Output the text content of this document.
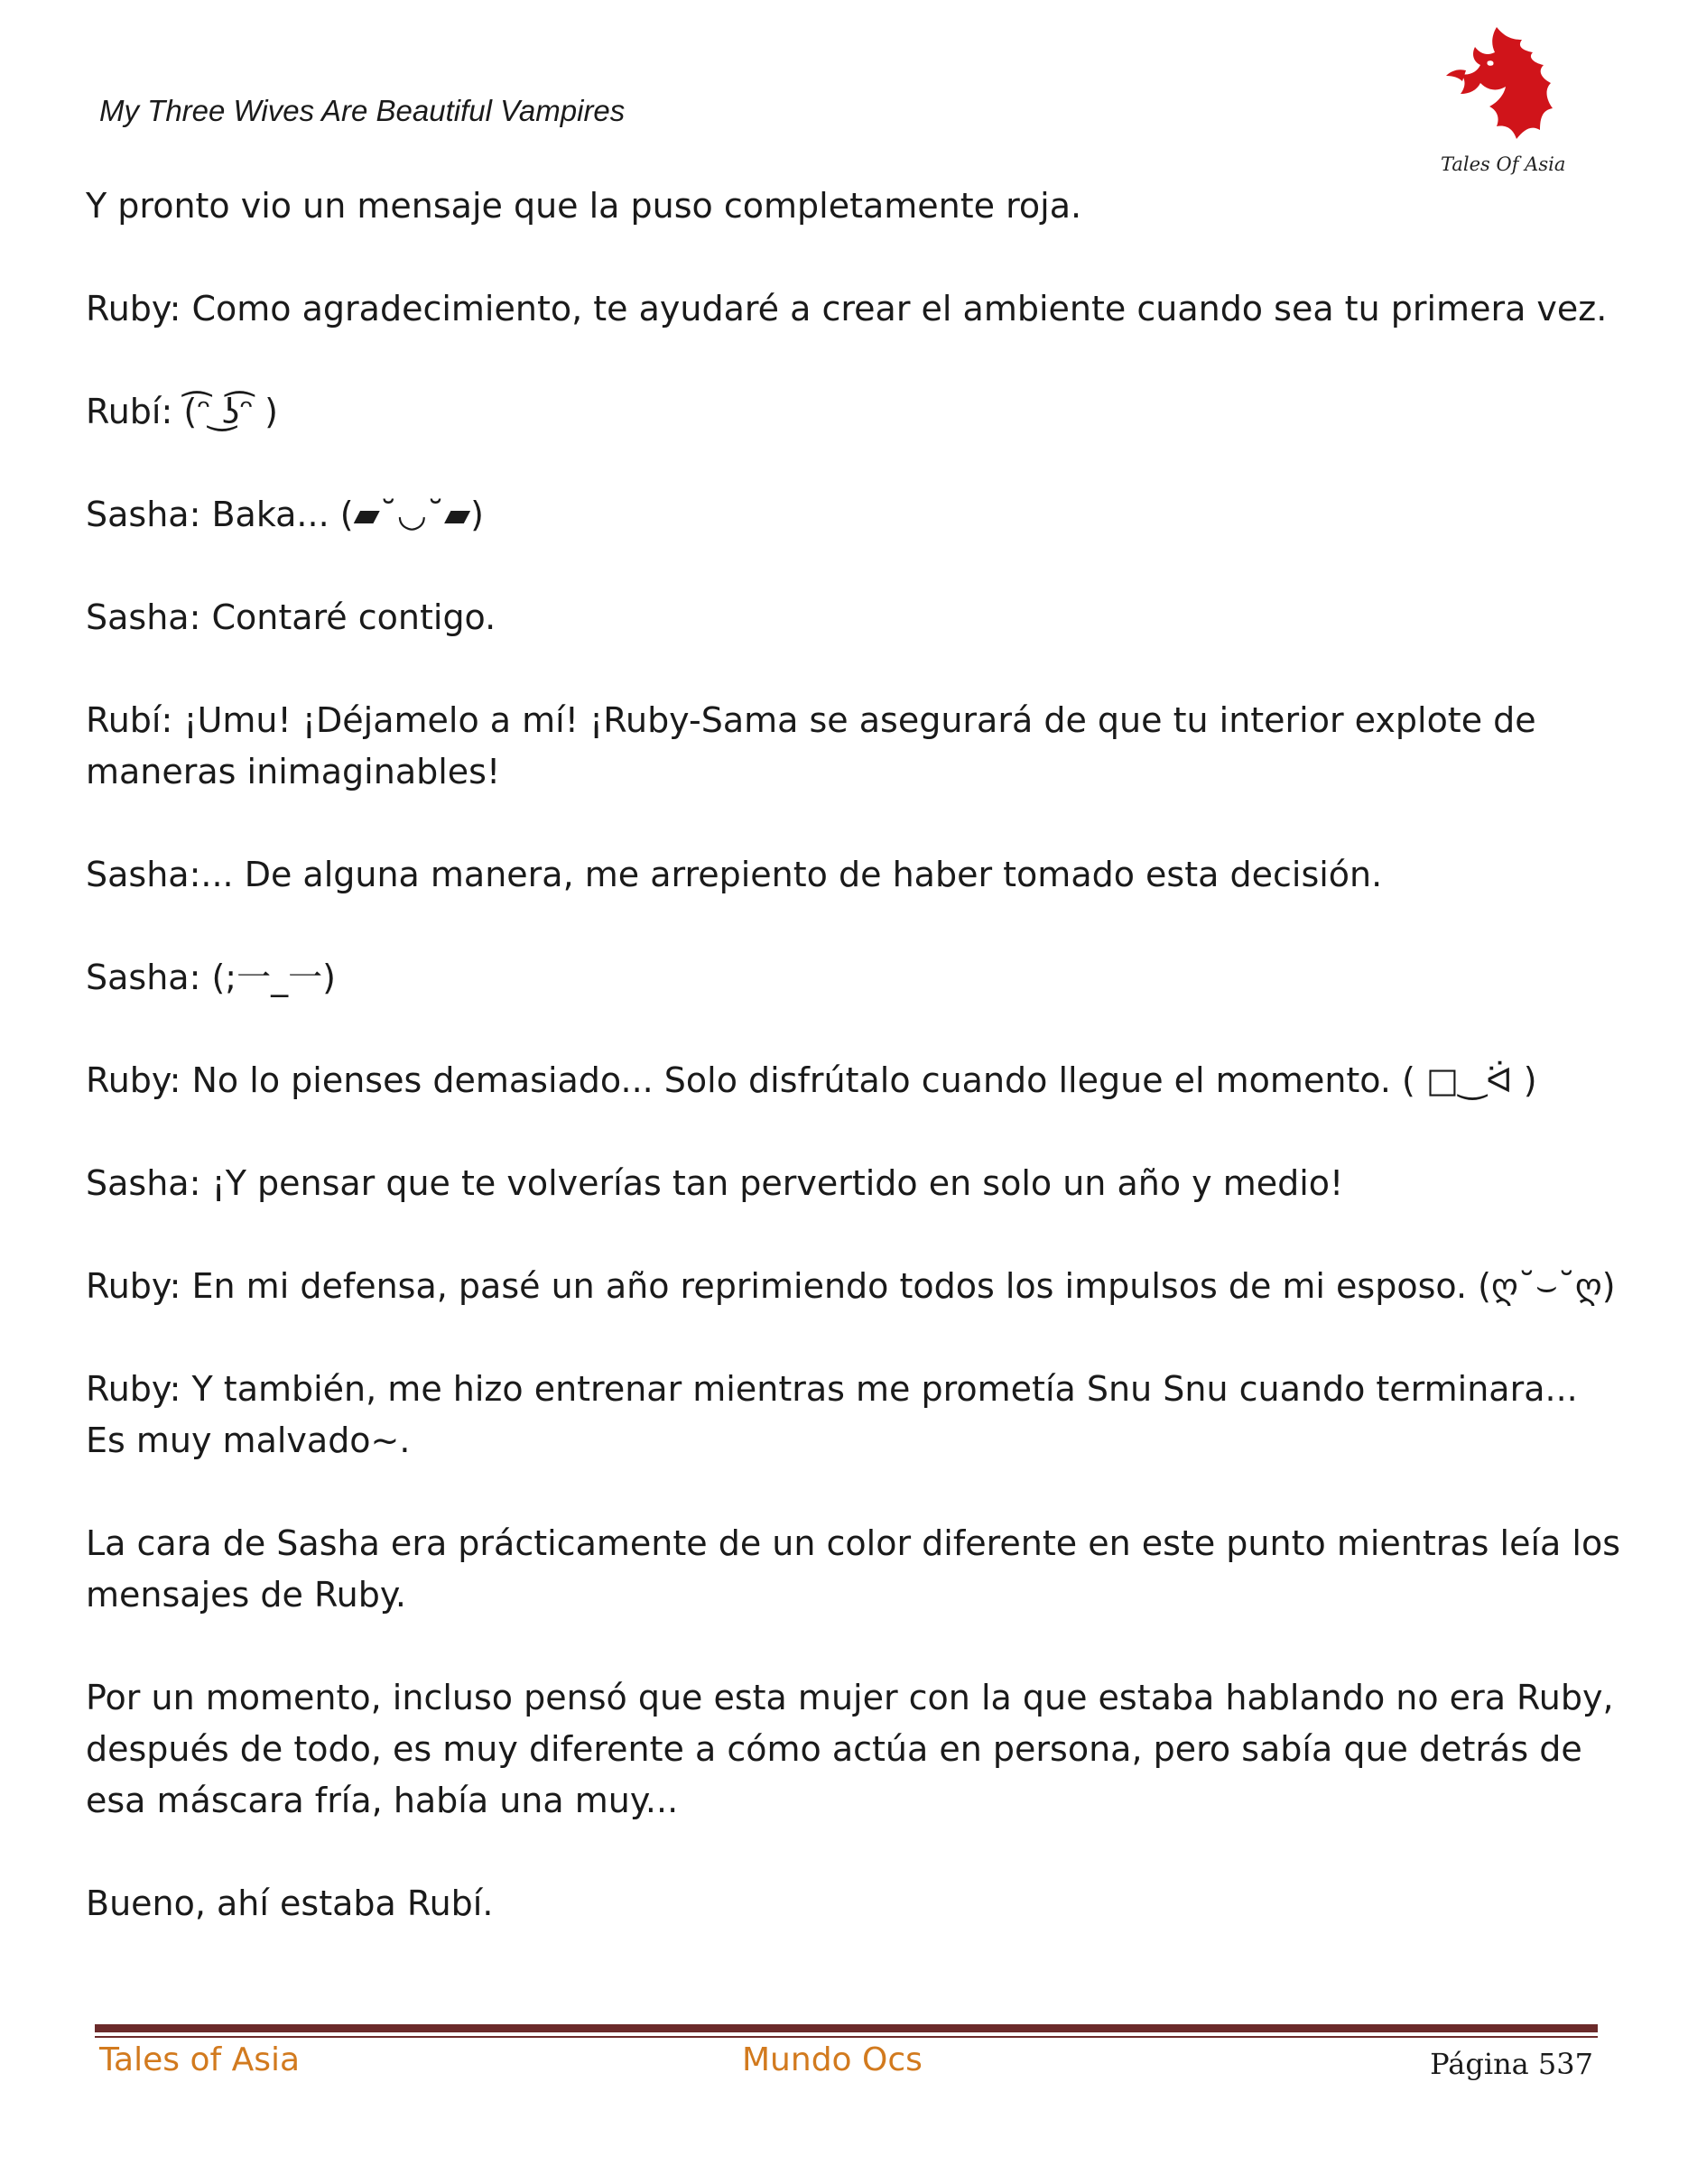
My Three Wives Are Beautiful Vampires
Tales Of Asia

Y pronto vio un mensaje que la puso completamente roja.

Ruby: Como agradecimiento, te ayudaré a crear el ambiente cuando sea tu primera vez.

Rubí: (͡ᵔ ͜ʖ͡ᵔ )

Sasha: Baka... (▰˘◡˘▰)

Sasha: Contaré contigo.

Rubí: ¡Umu! ¡Déjamelo a mí! ¡Ruby-Sama se asegurará de que tu interior explote de maneras inimaginables!

Sasha:... De alguna manera, me arrepiento de haber tomado esta decisión.

Sasha: (;一_一)

Ruby: No lo pienses demasiado... Solo disfrútalo cuando llegue el momento. ( □‿ᐛ )

Sasha: ¡Y pensar que te volverías tan pervertido en solo un año y medio!

Ruby: En mi defensa, pasé un año reprimiendo todos los impulsos de mi esposo. (ღ˘⌣˘ღ)

Ruby: Y también, me hizo entrenar mientras me prometía Snu Snu cuando terminara... Es muy malvado~.

La cara de Sasha era prácticamente de un color diferente en este punto mientras leía los mensajes de Ruby.

Por un momento, incluso pensó que esta mujer con la que estaba hablando no era Ruby, después de todo, es muy diferente a cómo actúa en persona, pero sabía que detrás de esa máscara fría, había una muy...

Bueno, ahí estaba Rubí.

Tales of Asia	Mundo Ocs	Página 537
